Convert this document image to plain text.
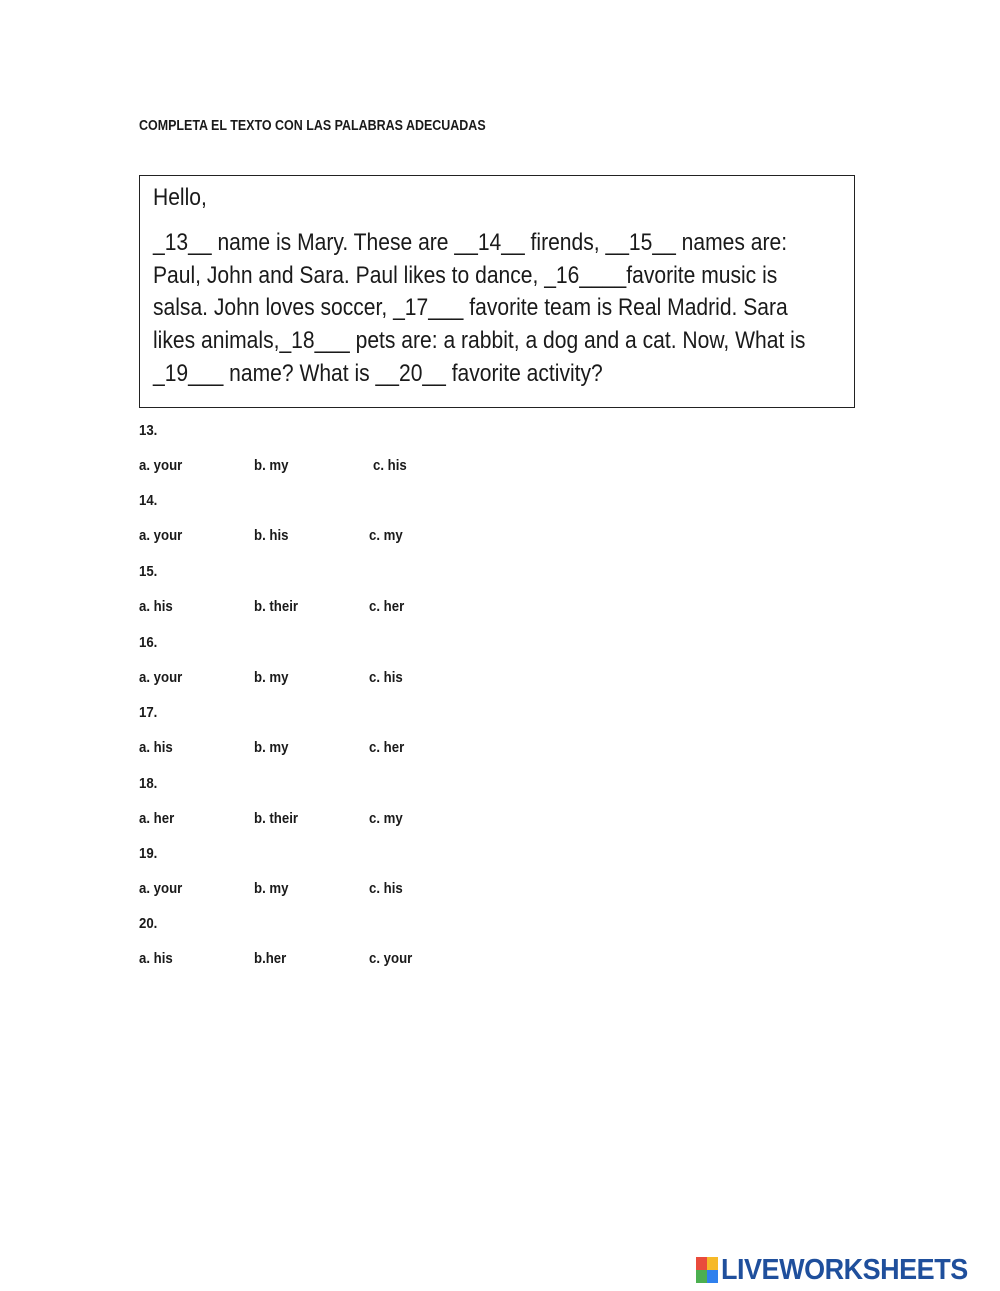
COMPLETA EL TEXTO CON LAS PALABRAS ADECUADAS
Hello,
_13__ name is Mary. These are __14__ firends, __15__ names are:
Paul, John and Sara. Paul likes to dance, _16____favorite music is
salsa. John loves soccer, _17___ favorite team is Real Madrid. Sara
likes animals,_18___ pets are: a rabbit, a dog and a cat. Now, What is
_19___ name? What is __20__ favorite activity?
13.
a. your	b. my	c. his
14.
a. your	b. his	c. my
15.
a. his	b. their	c. her
16.
a. your	b. my	c. his
17.
a. his	b. my	c. her
18.
a. her	b. their	c. my
19.
a. your	b. my	c. his
20.
a. his	b.her	c. your
LIVEWORKSHEETS
